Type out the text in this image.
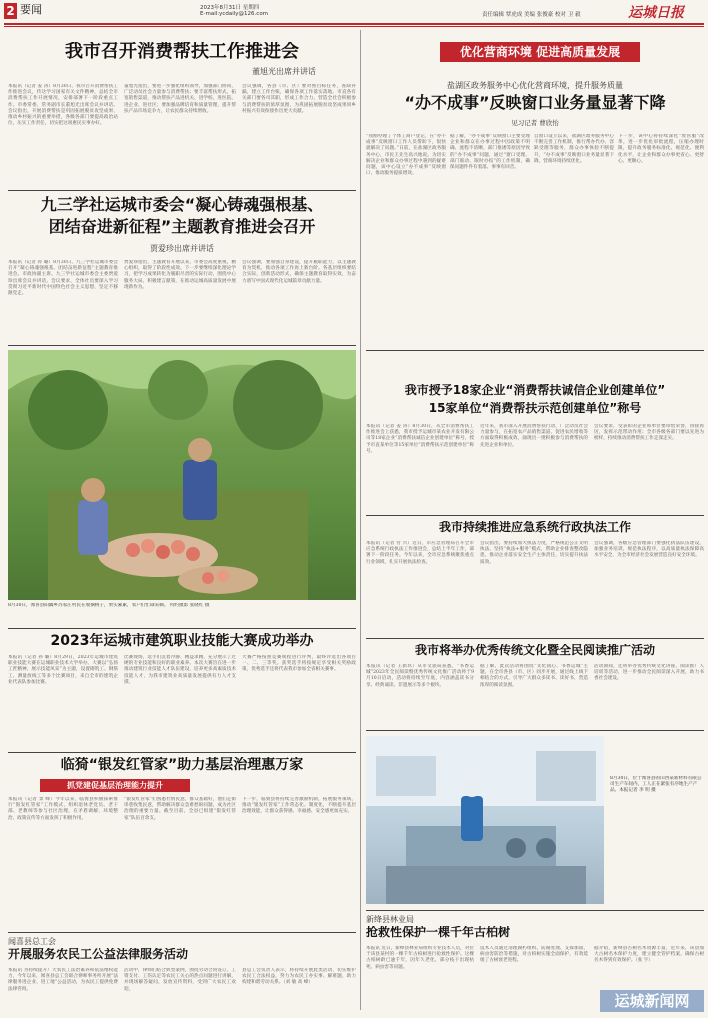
2 要闻	2023年8月31日 星期四
E-mail:ycdaily@126.com	责任编辑 覃虎成 美编 张俊豪 校对 卫 毅	运城日报
我市召开消费帮扶工作推进会
董旭光出席并讲话
本报讯（记者 姜 涛）8月30日，我市召开消费帮扶工作推进会议，传达学习国家有关文件精神，总结全市消费帮扶工作开展情况，安排部署下一阶段重点工作。市委常委、常务副市长董旭光出席会议并讲话。会议指出，开展消费帮扶是巩固拓展脱贫攻坚成果、推动乡村振兴的重要举措，各级各部门要提高政治站位，压实工作责任，切实把这项惠民实事办好。
董旭光指出，要进一步强化组织领导，加强部门协同，广泛动员社会力量参与消费帮扶；要丰富帮扶形式，拓宽销售渠道，推动帮扶产品进机关、进学校、进医院、进企业、进社区；要加强品牌培育和质量管理，提升帮扶产品市场竞争力，让农民群众持续增收。
会议强调，各县（市、区）要对照目标任务，查缺补漏，建立工作台账，确保各项工作落实落地。市直各有关部门要各司其职，形成工作合力，营造全社会积极参与消费帮扶的浓厚氛围，为巩固拓展脱贫攻坚成果同乡村振兴有效衔接作出更大贡献。
九三学社运城市委会“凝心铸魂强根基、
团结奋进新征程”主题教育推进会召开
贾爱珍出席并讲话
本报讯（记者 孙 璐）8月30日，九三学社运城市委会召开“凝心铸魂强根基、团结奋进新征程”主题教育推进会。市政协副主席、九三学社运城市委会主委贾爱珍出席会议并讲话。会议要求，全体社员要深入学习贯彻习近平新时代中国特色社会主义思想，坚定不移跟党走。
贾爱珍指出，主题教育开展以来，市委会高度重视，精心组织，取得了阶段性成效。下一步要继续深化理论学习，把学习成果转化为履职尽责的实际行动，围绕中心服务大局，积极建言献策，在推动运城高质量发展中展现新作为。
会议强调，要加强自身建设，提升履职能力，以主题教育为契机，推动各项工作再上新台阶。各基层组织要结合实际，创新活动形式，确保主题教育取得实效，为奋力谱写中国式现代化运城篇章贡献力量。
8月30日，闻喜县阳隅乡苏家庄村民在收摘桃子，果实累累，农户们忙碌采摘。 特约摄影 张晓红 摄
2023年运城市建筑职业技能大赛成功举办
本报讯（记者 孙 璐）8月29日，2023年运城市建筑职业技能大赛在运城职业技术大学举办。大赛以“弘扬工匠精神、展示技能风采”为主题，设置砌筑工、钢筋工、测量放线工等多个比赛项目，来自全市的建筑企业代表队参加比赛。
比赛现场，选手们沉着冷静、精益求精，充分展示了过硬的专业技能和良好的职业素养。本次大赛旨在进一步推动建筑行业技能人才队伍建设，培养更多高素质技术技能人才，为我市建筑业高质量发展提供有力人才支撑。
大赛严格按照竞赛规程进行评判，最终评选出各项目一、二、三等奖。获奖选手将按规定享受相关奖励政策，优秀选手还将代表我市参加全省相关赛事。
临猗“银发红管家”助力基层治理惠万家
抓党建促基层治理能力提升
本报讯（记者 景 峰）今年以来，临猗县积极探索推行“银发红管家”工作模式，组织退休老党员、老干部、老教师等参与社区治理，在矛盾调解、环境整治、政策宣传等方面发挥了积极作用。
“银发红管家”们熟悉社情民意，群众基础好，他们走街串巷收集民意，帮助解决群众急难愁盼问题，成为社区治理的重要力量。截至目前，全县已组建“银发红管家”队伍百余支。
下一步，临猗县将持续完善激励机制，拓展服务领域，推动“银发红管家”工作常态化、制度化，不断提升基层治理效能，让群众获得感、幸福感、安全感更加充实。
闻喜县总工会
开展服务农民工公益法律服务活动
本报讯 为持续提升广大农民工法治素养和依法维权能力，今年以来，闻喜县总工会联合律师事务所开展“法律服务进企业、进工地”公益活动，为农民工提供免费法律咨询。
活动中，律师们结合典型案例，围绕劳动合同签订、工资支付、工伤认定等农民工关心的热点问题进行讲解，并现场解答疑问，发放宣传资料，受到广大农民工欢迎。
县总工会负责人表示，将持续开展此类活动，切实维护农民工合法权益，努力为农民工办实事、解难题，助力构建和谐劳动关系。（刘 敏 高 峰）
优化营商环境 促进高质量发展
盐湖区政务服务中心优化营商环境，提升服务质量
“办不成事”反映窗口业务量显著下降
见习记者 曹欣怡
“我刚办理了个体工商户登记，在“办不成事”反映窗口工作人员帮助下，很快就解决了问题。”日前，在盐湖区政务服务中心，市民王先生高兴地说。为切实解决企业和群众办事过程中遇到的疑难问题，该中心设立“办不成事”反映窗口，推动服务提质增效。
据了解，“办不成事”反映窗口主要受理企业和群众在办事过程中因政策不明确、流程不清晰、部门推诿等原因导致的“办不成事”问题，通过“窗口受理、部门联动、限时办结”的工作机制，确保问题件件有着落、事事有回音。
自窗口设立以来，盐湖区政务服务中心不断完善工作机制，推行帮办代办、容缺受理等服务，群众办事体验不断提升，“办不成事”反映窗口业务量显著下降，营商环境持续优化。
下一步，该中心将持续深化“放管服”改革，进一步优化审批流程，压缩办理时限，提升政务服务标准化、规范化、便利化水平，让企业和群众办事更省心、更舒心、更顺心。
我市授予18家企业“消费帮扶诚信企业创建单位”
15家单位“消费帮扶示范创建单位”称号
本报讯（记者 姜 涛）8月30日，从全市消费帮扶工作推进会上获悉，我市授予运城市某农业开发有限公司等18家企业“消费帮扶诚信企业创建单位”称号，授予市直某单位等15家单位“消费帮扶示范创建单位”称号。
近年来，我市深入开展消费帮扶行动，广泛动员社会力量参与，在拓宽农产品销售渠道、促进农民增收等方面取得积极成效，涌现出一批积极参与消费帮扶的先进企业和单位。
会议要求，受表彰的企业和单位要珍惜荣誉，再接再厉，发挥示范带动作用；全市各级各部门要以先进为榜样，持续推动消费帮扶工作走深走实。
我市持续推进应急系统行政执法工作
本报讯（记者 付 兴）近日，市应急管理局召开全市应急系统行政执法工作推进会，总结上半年工作，部署下一阶段任务。今年以来，全市应急系统聚焦重点行业领域，扎实开展执法检查。
会议指出，要持续加大执法力度，严格规范公正文明执法，坚持“执法+服务”模式，帮助企业排查整改隐患，推动企业落实安全生产主体责任，切实提升执法质效。
会议强调，各级应急管理部门要强化执法队伍建设，加强业务培训，规范执法程序，以高质量执法保障高水平安全，为全市经济社会发展营造良好安全环境。
我市将举办优秀传统文化暨全民阅读推广活动
本报讯（记者 王新玖）从市文旅局获悉，“书香运城”2023年全民阅读暨优秀传统文化推广活动将于9月10日启动，活动将持续至年底，内容涵盖读书分享、经典诵读、非遗展示等多个板块。
据了解，此次活动将围绕“文化润心、书香运城”主题，在全市各县（市、区）同步开展，通过线上线下相结合的方式，引导广大群众多读书、读好书，营造浓厚的阅读氛围。
活动期间，还将举办优秀传统文化讲座、阅读推广人培训等活动，进一步推动全民阅读深入开展，助力书香社会建设。
8月30日，位于闻喜县的山西某新材料有限公司生产车间内，工人正在紧张有序地生产产品。本报记者 李 明 摄
新绛县林业局
抢救性保护一棵千年古柏树
本报讯 近日，新绛县林业局组织专业技术人员，对位于该县某村的一棵千年古柏树进行抢救性保护。这棵古柏树龄已逾千年，因年久老化，部分枝干出现枯死、病虫害等问题。
技术人员通过清理腐朽组织、防腐处理、支撑加固、病虫害防治等措施，对古柏树实施全面保护，有效延缓了古树衰老进程。
据介绍，新绛县古树名木资源丰富，近年来，该县加大古树名木保护力度，建立健全管护档案，确保古树名木得到有效保护。（张 宇）
运城新闻网
